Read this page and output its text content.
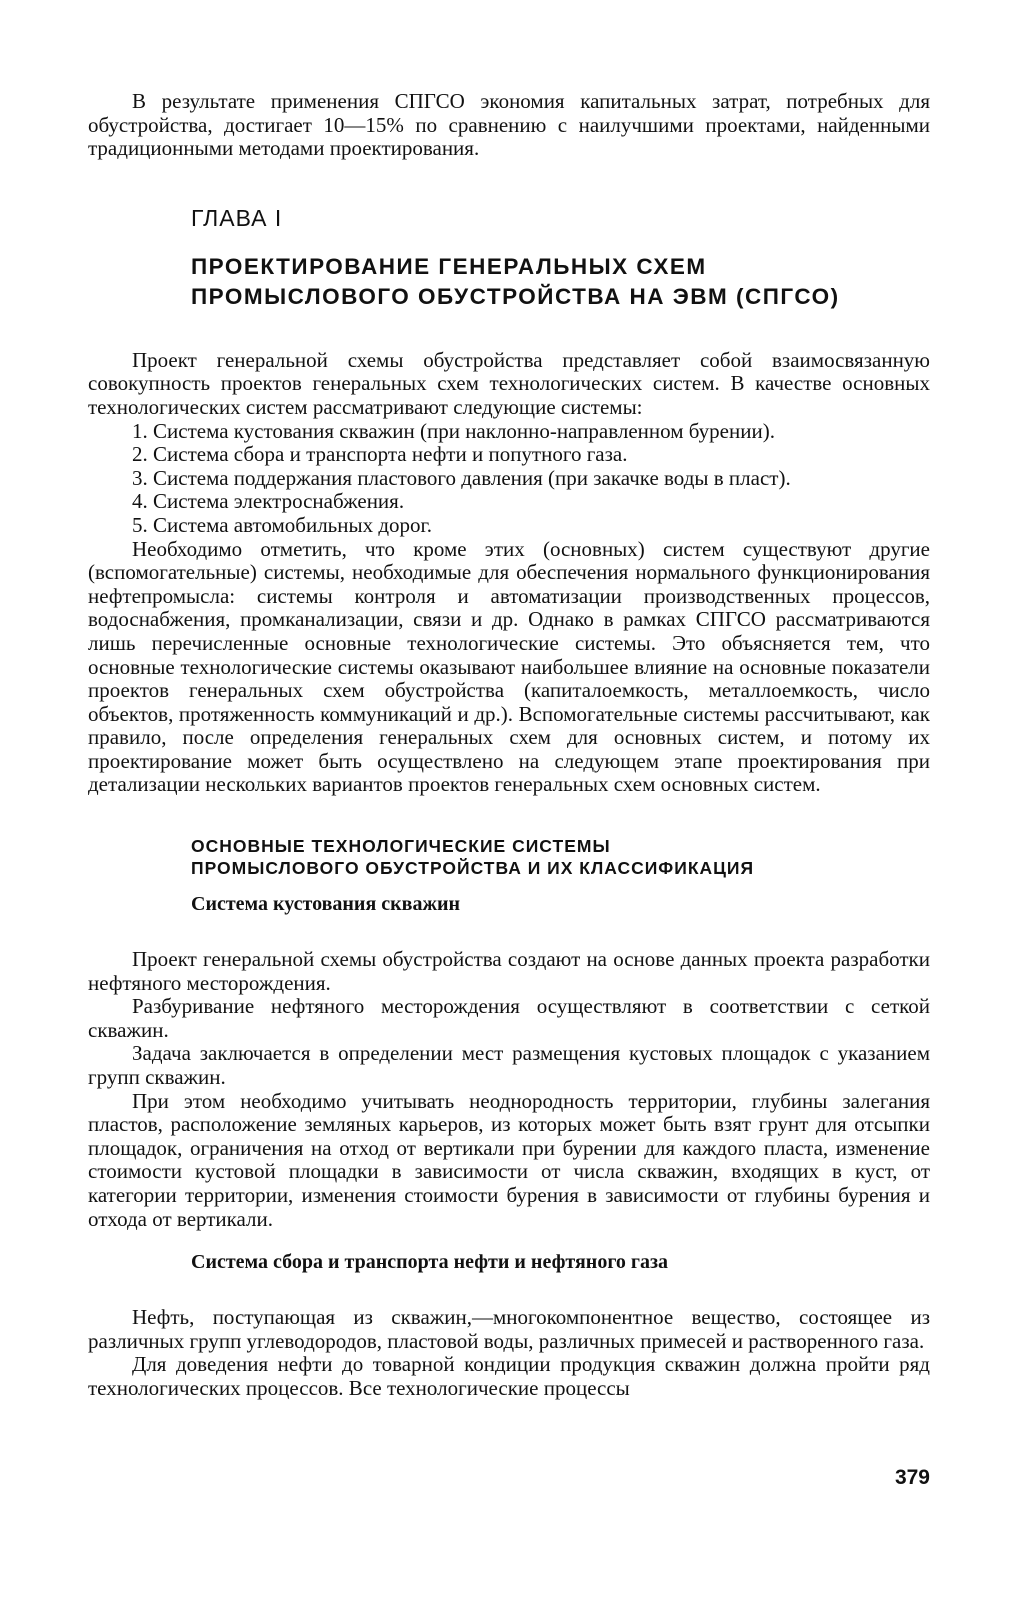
В результате применения СПГСО экономия капитальных затрат, потребных для обустройства, достигает 10—15% по сравнению с наилучшими проектами, найденными традиционными методами проектирования.

ГЛАВА I
ПРОЕКТИРОВАНИЕ ГЕНЕРАЛЬНЫХ СХЕМ
ПРОМЫСЛОВОГО ОБУСТРОЙСТВА НА ЭВМ (СПГСО)

Проект генеральной схемы обустройства представляет собой взаимосвязанную совокупность проектов генеральных схем технологических систем. В качестве основных технологических систем рассматривают следующие системы:

1. Система кустования скважин (при наклонно-направленном бурении).

2. Система сбора и транспорта нефти и попутного газа.

3. Система поддержания пластового давления (при закачке воды в пласт).

4. Система электроснабжения.

5. Система автомобильных дорог.

Необходимо отметить, что кроме этих (основных) систем существуют другие (вспомогательные) системы, необходимые для обеспечения нормального функционирования нефтепромысла: системы контроля и автоматизации производственных процессов, водоснабжения, промканализации, связи и др. Однако в рамках СПГСО рассматриваются лишь перечисленные основные технологические системы. Это объясняется тем, что основные технологические системы оказывают наибольшее влияние на основные показатели проектов генеральных схем обустройства (капиталоемкость, металлоемкость, число объектов, протяженность коммуникаций и др.). Вспомогательные системы рассчитывают, как правило, после определения генеральных схем для основных систем, и потому их проектирование может быть осуществлено на следующем этапе проектирования при детализации нескольких вариантов проектов генеральных схем основных систем.

ОСНОВНЫЕ ТЕХНОЛОГИЧЕСКИЕ СИСТЕМЫ
ПРОМЫСЛОВОГО ОБУСТРОЙСТВА И ИХ КЛАССИФИКАЦИЯ
Система кустования скважин

Проект генеральной схемы обустройства создают на основе данных проекта разработки нефтяного месторождения.

Разбуривание нефтяного месторождения осуществляют в соответствии с сеткой скважин.

Задача заключается в определении мест размещения кустовых площадок с указанием групп скважин.

При этом необходимо учитывать неоднородность территории, глубины залегания пластов, расположение земляных карьеров, из которых может быть взят грунт для отсыпки площадок, ограничения на отход от вертикали при бурении для каждого пласта, изменение стоимости кустовой площадки в зависимости от числа скважин, входящих в куст, от категории территории, изменения стоимости бурения в зависимости от глубины бурения и отхода от вертикали.

Система сбора и транспорта нефти и нефтяного газа

Нефть, поступающая из скважин,—многокомпонентное вещество, состоящее из различных групп углеводородов, пластовой воды, различных примесей и растворенного газа.

Для доведения нефти до товарной кондиции продукция скважин должна пройти ряд технологических процессов. Все технологические процессы

379
